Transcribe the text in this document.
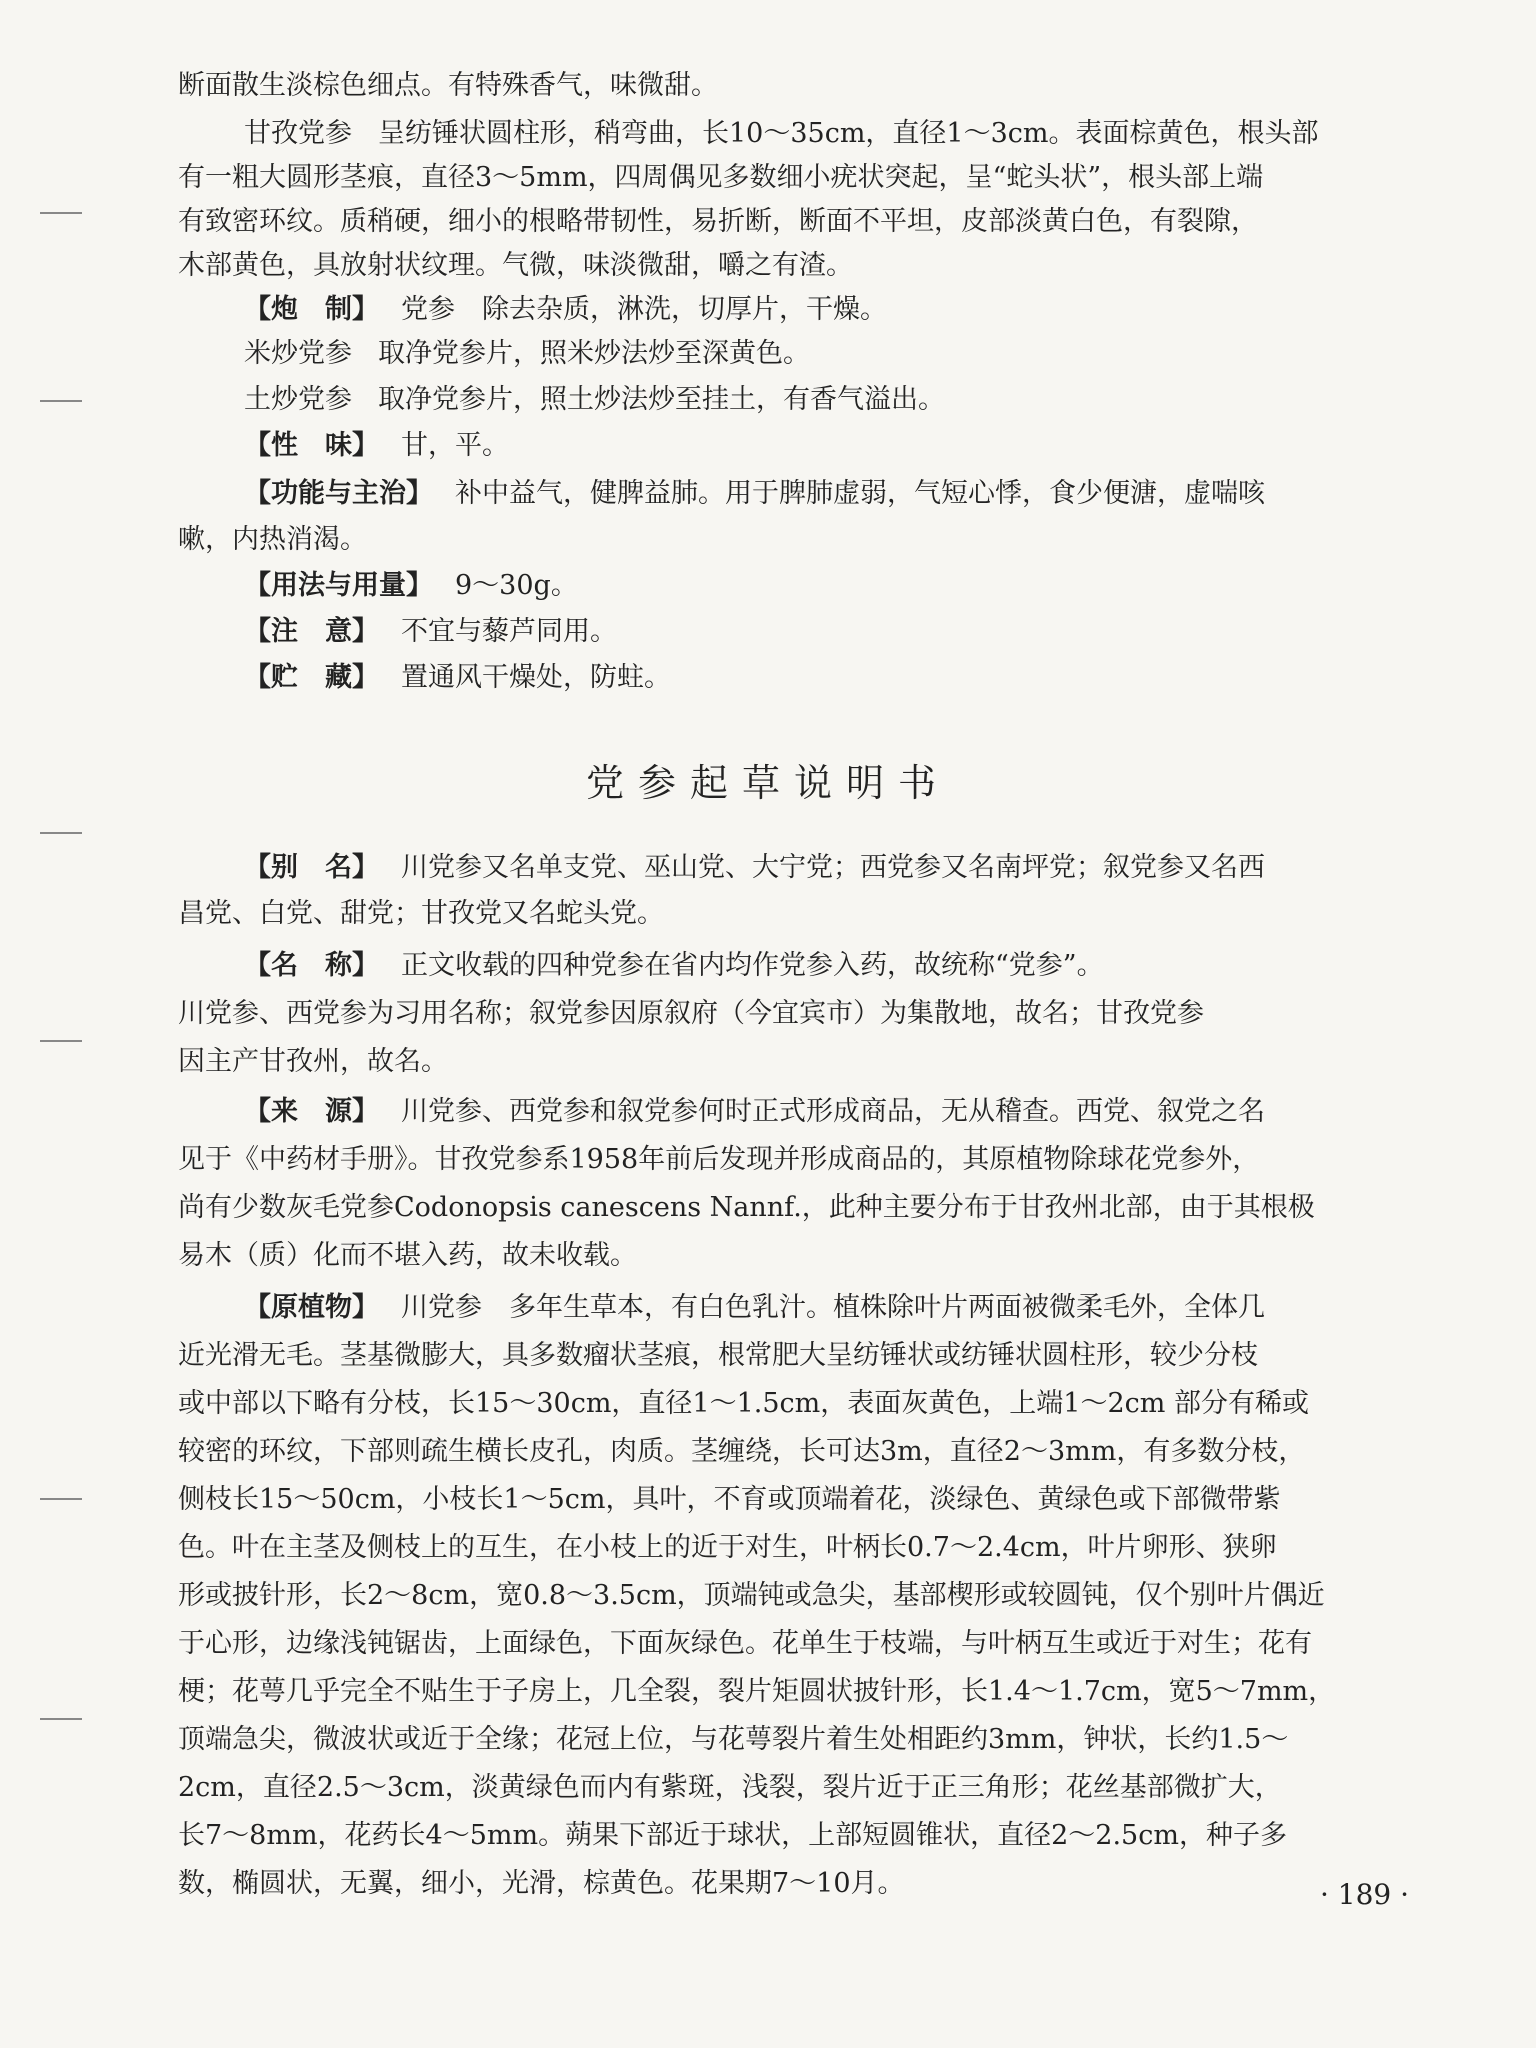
断面散生淡棕色细点。有特殊香气，味微甜。
甘孜党参 呈纺锤状圆柱形，稍弯曲，长10～35cm，直径1～3cm。表面棕黄色，根头部
有一粗大圆形茎痕，直径3～5mm，四周偶见多数细小疣状突起，呈“蛇头状”，根头部上端
有致密环纹。质稍硬，细小的根略带韧性，易折断，断面不平坦，皮部淡黄白色，有裂隙，
木部黄色，具放射状纹理。气微，味淡微甜，嚼之有渣。
【炮　制】 党参　除去杂质，淋洗，切厚片，干燥。
米炒党参 取净党参片，照米炒法炒至深黄色。
土炒党参 取净党参片，照土炒法炒至挂土，有香气溢出。
【性　味】 甘，平。
【功能与主治】 补中益气，健脾益肺。用于脾肺虚弱，气短心悸，食少便溏，虚喘咳
嗽，内热消渴。
【用法与用量】 9～30g。
【注　意】 不宜与藜芦同用。
【贮　藏】 置通风干燥处，防蛀。
党参起草说明书
【别　名】 川党参又名单支党、巫山党、大宁党；西党参又名南坪党；叙党参又名西
昌党、白党、甜党；甘孜党又名蛇头党。
【名　称】 正文收载的四种党参在省内均作党参入药，故统称“党参”。
川党参、西党参为习用名称；叙党参因原叙府（今宜宾市）为集散地，故名；甘孜党参
因主产甘孜州，故名。
【来　源】 川党参、西党参和叙党参何时正式形成商品，无从稽查。西党、叙党之名
见于《中药材手册》。甘孜党参系1958年前后发现并形成商品的，其原植物除球花党参外，
尚有少数灰毛党参Codonopsis canescens Nannf.，此种主要分布于甘孜州北部，由于其根极
易木（质）化而不堪入药，故未收载。
【原植物】 川党参　多年生草本，有白色乳汁。植株除叶片两面被微柔毛外，全体几
近光滑无毛。茎基微膨大，具多数瘤状茎痕，根常肥大呈纺锤状或纺锤状圆柱形，较少分枝
或中部以下略有分枝，长15～30cm，直径1～1.5cm，表面灰黄色，上端1～2cm 部分有稀或
较密的环纹，下部则疏生横长皮孔，肉质。茎缠绕，长可达3m，直径2～3mm，有多数分枝，
侧枝长15～50cm，小枝长1～5cm，具叶，不育或顶端着花，淡绿色、黄绿色或下部微带紫
色。叶在主茎及侧枝上的互生，在小枝上的近于对生，叶柄长0.7～2.4cm，叶片卵形、狭卵
形或披针形，长2～8cm，宽0.8～3.5cm，顶端钝或急尖，基部楔形或较圆钝，仅个别叶片偶近
于心形，边缘浅钝锯齿，上面绿色，下面灰绿色。花单生于枝端，与叶柄互生或近于对生；花有
梗；花萼几乎完全不贴生于子房上，几全裂，裂片矩圆状披针形，长1.4～1.7cm，宽5～7mm，
顶端急尖，微波状或近于全缘；花冠上位，与花萼裂片着生处相距约3mm，钟状，长约1.5～
2cm，直径2.5～3cm，淡黄绿色而内有紫斑，浅裂，裂片近于正三角形；花丝基部微扩大，
长7～8mm，花药长4～5mm。蒴果下部近于球状，上部短圆锥状，直径2～2.5cm，种子多
数，椭圆状，无翼，细小，光滑，棕黄色。花果期7～10月。	· 189 ·
